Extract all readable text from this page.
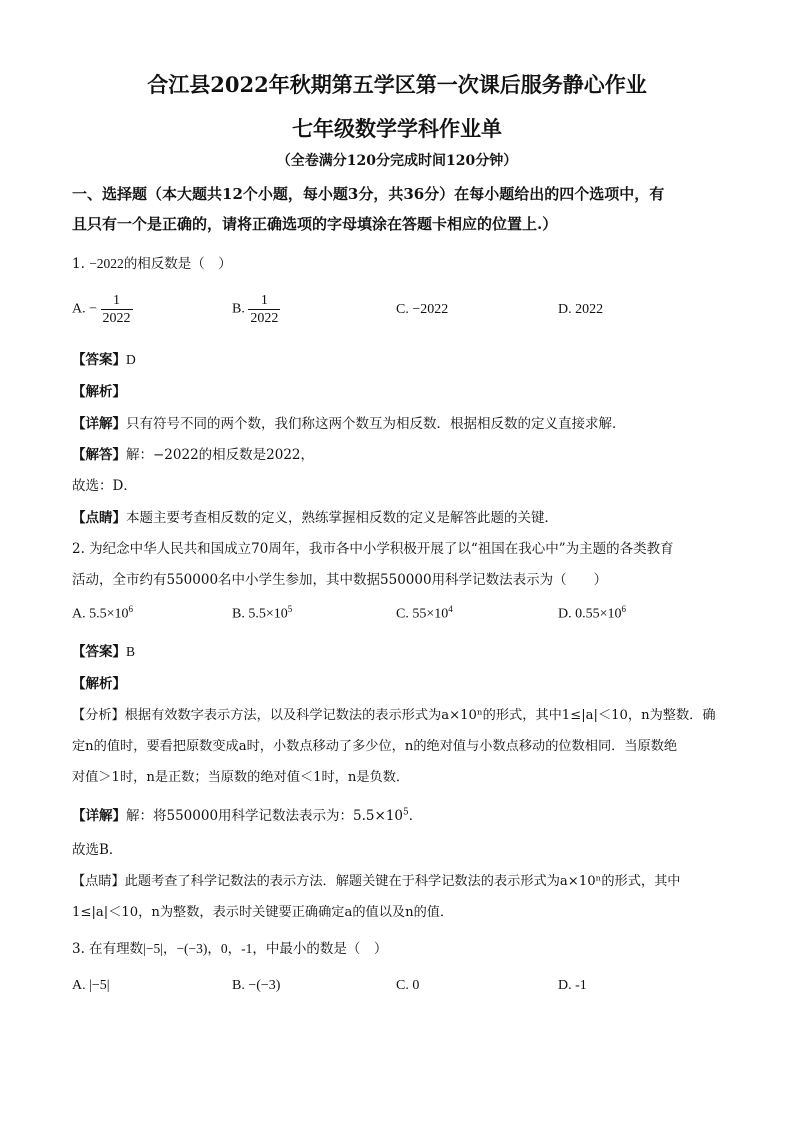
合江县2022年秋期第五学区第一次课后服务静心作业
七年级数学学科作业单
（全卷满分120分完成时间120分钟）
一、选择题（本大题共12个小题，每小题3分，共36分）在每小题给出的四个选项中，有
且只有一个是正确的，请将正确选项的字母填涂在答题卡相应的位置上.）
1. −2022的相反数是（　）
A. − $\frac{1}{2022}$	B. $\frac{1}{2022}$	C. −2022	D. 2022
【答案】D
【解析】
【详解】只有符号不同的两个数，我们称这两个数互为相反数．根据相反数的定义直接求解．
【解答】解：−2022的相反数是2022，
故选：D．
【点睛】本题主要考查相反数的定义，熟练掌握相反数的定义是解答此题的关键．
2. 为纪念中华人民共和国成立70周年，我市各中小学积极开展了以“祖国在我心中”为主题的各类教育
活动，全市约有550000名中小学生参加，其中数据550000用科学记数法表示为（　　）
A. $5.5\times 10^6$	B. $5.5\times 10^5$	C. $55\times 10^4$	D. $0.55\times 10^6$
【答案】B
【解析】
【分析】根据有效数字表示方法，以及科学记数法的表示形式为a×10ⁿ的形式，其中1≤|a|＜10，n为整数．确
定n的值时，要看把原数变成a时，小数点移动了多少位，n的绝对值与小数点移动的位数相同．当原数绝
对值＞1时，n是正数；当原数的绝对值＜1时，n是负数．
【详解】解：将550000用科学记数法表示为：$5.5\times 10^5$．
故选B．
【点睛】此题考查了科学记数法的表示方法．解题关键在于科学记数法的表示形式为a×10ⁿ的形式，其中
1≤|a|＜10，n为整数，表示时关键要正确确定a的值以及n的值．
3. 在有理数|−5|，−(−3)，0，-1，中最小的数是（　）
A. |−5|	B. −(−3)	C. 0	D. -1
